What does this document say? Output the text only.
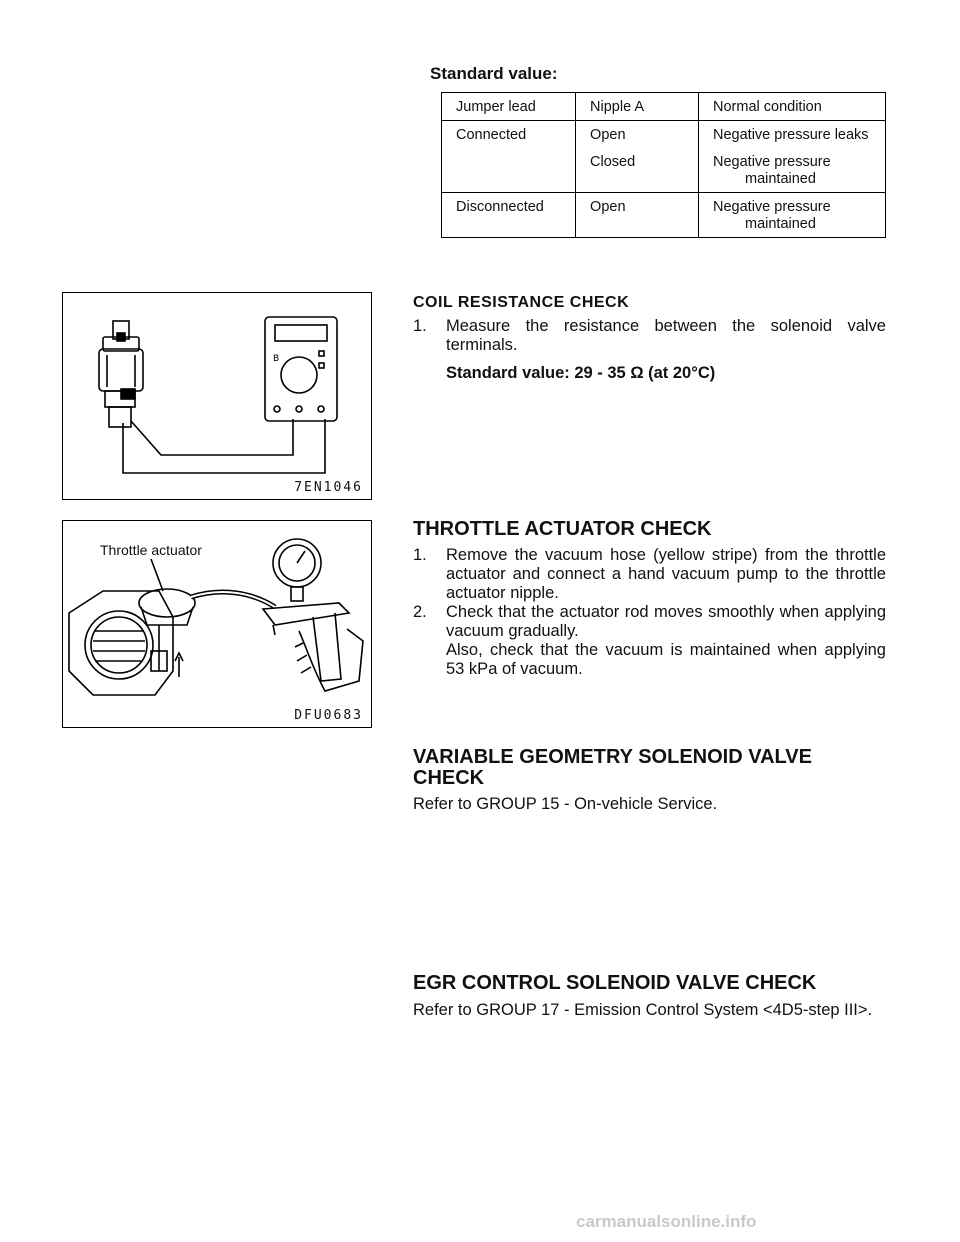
Standard value:
Jumper lead	Nipple A	Normal condition
Connected	Open	Negative pressure leaks

	Closed	Negative pressure maintained

Disconnected	Open	Negative pressure maintained
B
7EN1046
COIL RESISTANCE CHECK
1. Measure the resistance between the solenoid valve terminals.
Standard value: 29 - 35 Ω (at 20°C)
Throttle actuator
DFU0683
THROTTLE ACTUATOR CHECK
1. Remove the vacuum hose (yellow stripe) from the throttle actuator and connect a hand vacuum pump to the throttle actuator nipple.
2. Check that the actuator rod moves smoothly when applying vacuum gradually.
Also, check that the vacuum is maintained when applying 53 kPa of vacuum.
VARIABLE GEOMETRY SOLENOID VALVE
CHECK
Refer to GROUP 15 - On-vehicle Service.
EGR CONTROL SOLENOID VALVE CHECK
Refer to GROUP 17 - Emission Control System <4D5-step III>.
carmanualsonline.info
